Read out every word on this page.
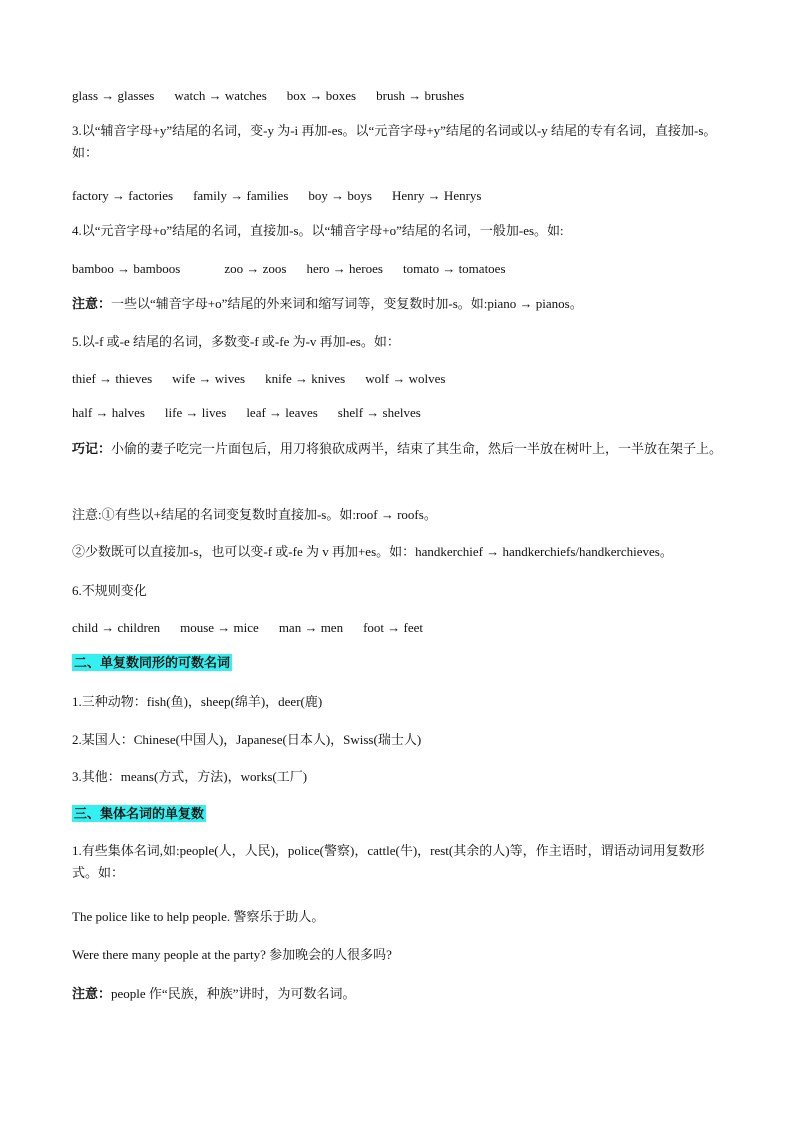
glass → glasses watch → watches box → boxes brush → brushes
3.以“辅音字母+y”结尾的名词，变-y 为-i 再加-es。以“元音字母+y”结尾的名词或以-y 结尾的专有名词，直接加-s。如：
factory → factories family → families boy → boys Henry → Henrys
4.以“元音字母+o”结尾的名词，直接加-s。以“辅音字母+o”结尾的名词，一般加-es。如:
bamboo → bamboos	zoo → zoos hero → heroes tomato → tomatoes
注意：一些以“辅音字母+o”结尾的外来词和缩写词等，变复数时加-s。如:piano → pianos。
5.以-f 或-e 结尾的名词，多数变-f 或-fe 为-v 再加-es。如：
thief → thieves wife → wives knife → knives wolf → wolves
half → halves life → lives leaf → leaves shelf → shelves
巧记：小偷的妻子吃完一片面包后，用刀将狼砍成两半，结束了其生命，然后一半放在树叶上，一半放在架子上。
注意:①有些以+结尾的名词变复数时直接加-s。如:roof → roofs。
②少数既可以直接加-s，也可以变-f 或-fe 为 v 再加+es。如：handkerchief → handkerchiefs/handkerchieves。
6.不规则变化
child → children mouse → mice man → men foot → feet
二、单复数同形的可数名词
1.三种动物：fish(鱼)，sheep(绵羊)，deer(鹿)
2.某国人：Chinese(中国人)，Japanese(日本人)，Swiss(瑞士人)
3.其他：means(方式，方法)，works(工厂)
三、集体名词的单复数
1.有些集体名词,如:people(人，人民)，police(警察)，cattle(牛)，rest(其余的人)等，作主语时，谓语动词用复数形式。如：
The police like to help people. 警察乐于助人。
Were there many people at the party? 参加晚会的人很多吗?
注意：people 作“民族，种族”讲时，为可数名词。
